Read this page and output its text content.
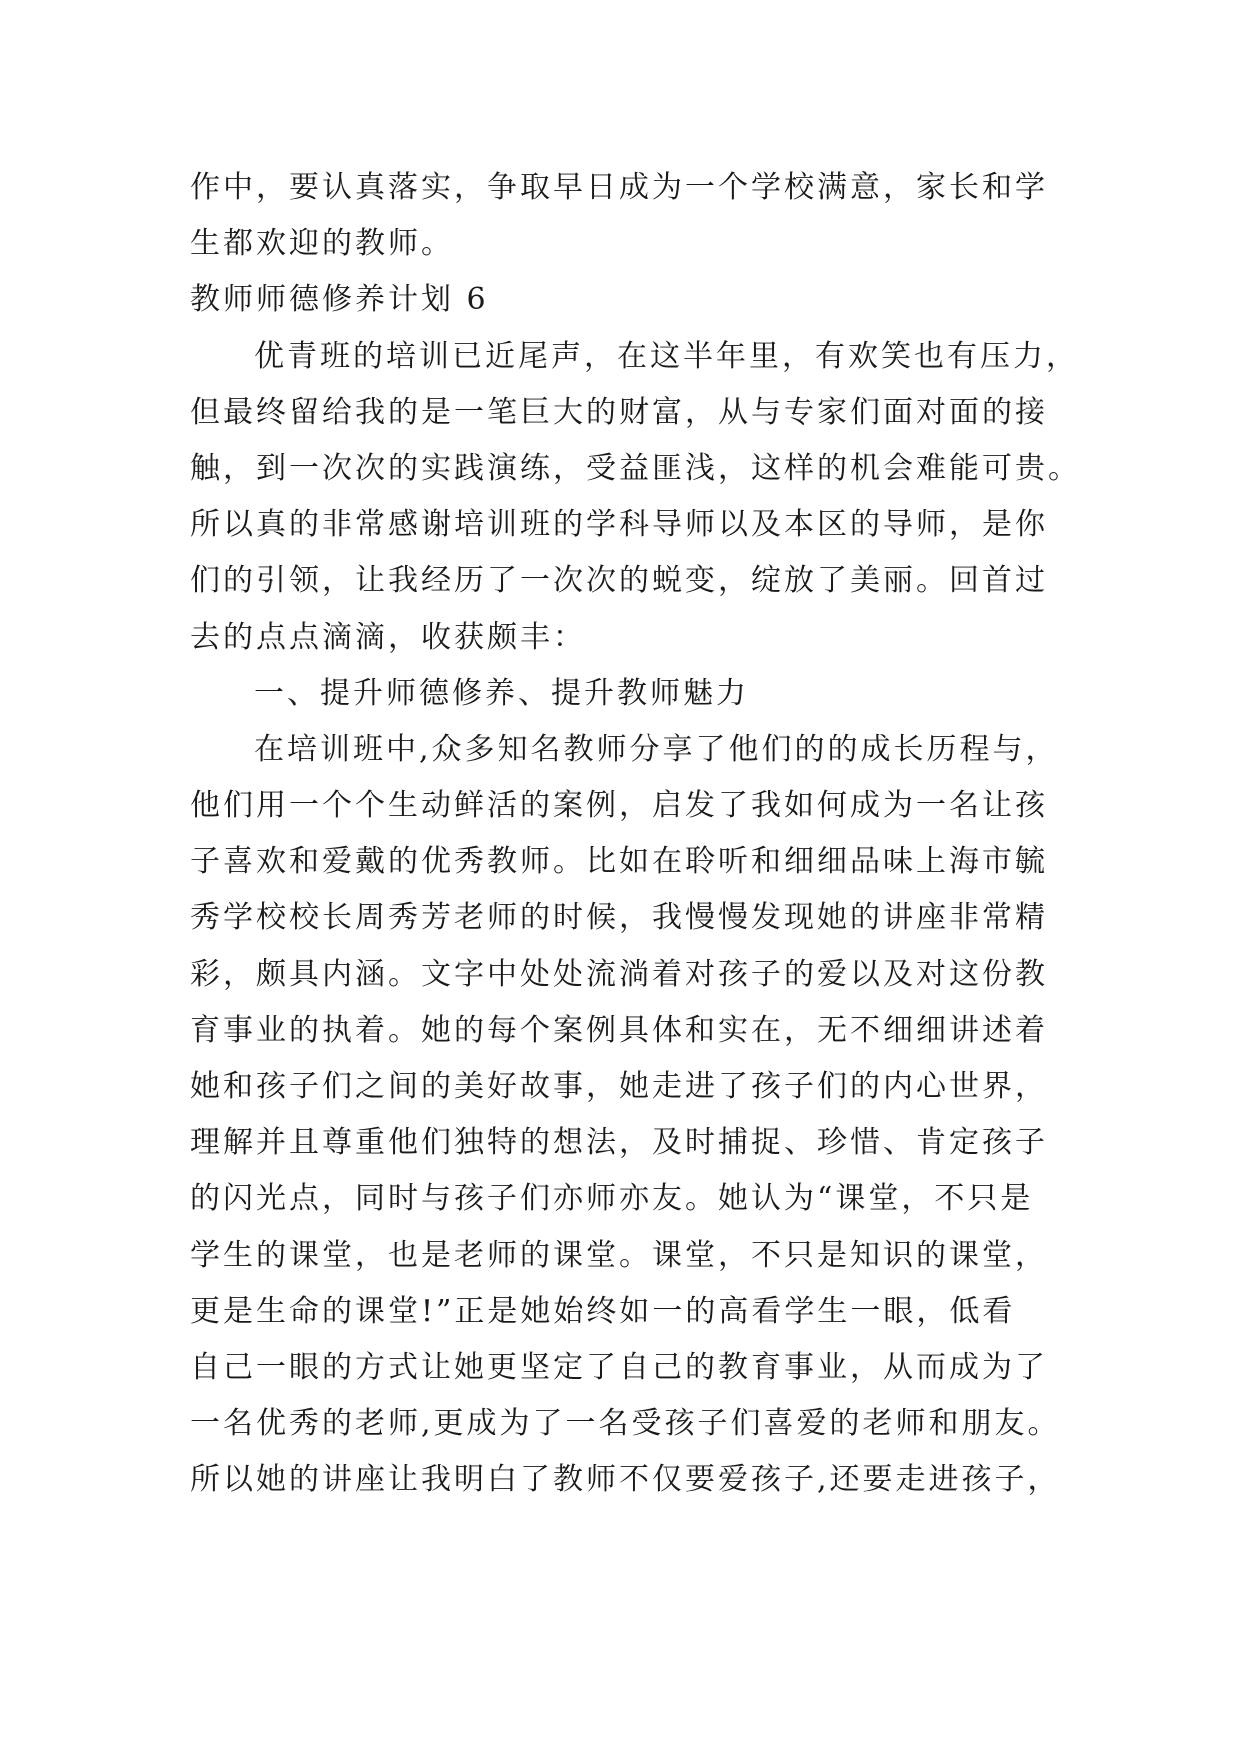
作中，要认真落实，争取早日成为一个学校满意，家长和学
生都欢迎的教师。
教师师德修养计划 6
优青班的培训已近尾声，在这半年里，有欢笑也有压力，
但最终留给我的是一笔巨大的财富，从与专家们面对面的接
触，到一次次的实践演练，受益匪浅，这样的机会难能可贵。
所以真的非常感谢培训班的学科导师以及本区的导师，是你
们的引领，让我经历了一次次的蜕变，绽放了美丽。回首过
去的点点滴滴，收获颇丰：
一、提升师德修养、提升教师魅力
在培训班中,众多知名教师分享了他们的的成长历程与，
他们用一个个生动鲜活的案例，启发了我如何成为一名让孩
子喜欢和爱戴的优秀教师。比如在聆听和细细品味上海市毓
秀学校校长周秀芳老师的时候，我慢慢发现她的讲座非常精
彩，颇具内涵。文字中处处流淌着对孩子的爱以及对这份教
育事业的执着。她的每个案例具体和实在，无不细细讲述着
她和孩子们之间的美好故事，她走进了孩子们的内心世界，
理解并且尊重他们独特的想法，及时捕捉、珍惜、肯定孩子
的闪光点，同时与孩子们亦师亦友。她认为“课堂，不只是
学生的课堂，也是老师的课堂。课堂，不只是知识的课堂，
更是生命的课堂!”正是她始终如一的高看学生一眼，低看
自己一眼的方式让她更坚定了自己的教育事业，从而成为了
一名优秀的老师,更成为了一名受孩子们喜爱的老师和朋友。
所以她的讲座让我明白了教师不仅要爱孩子,还要走进孩子，
